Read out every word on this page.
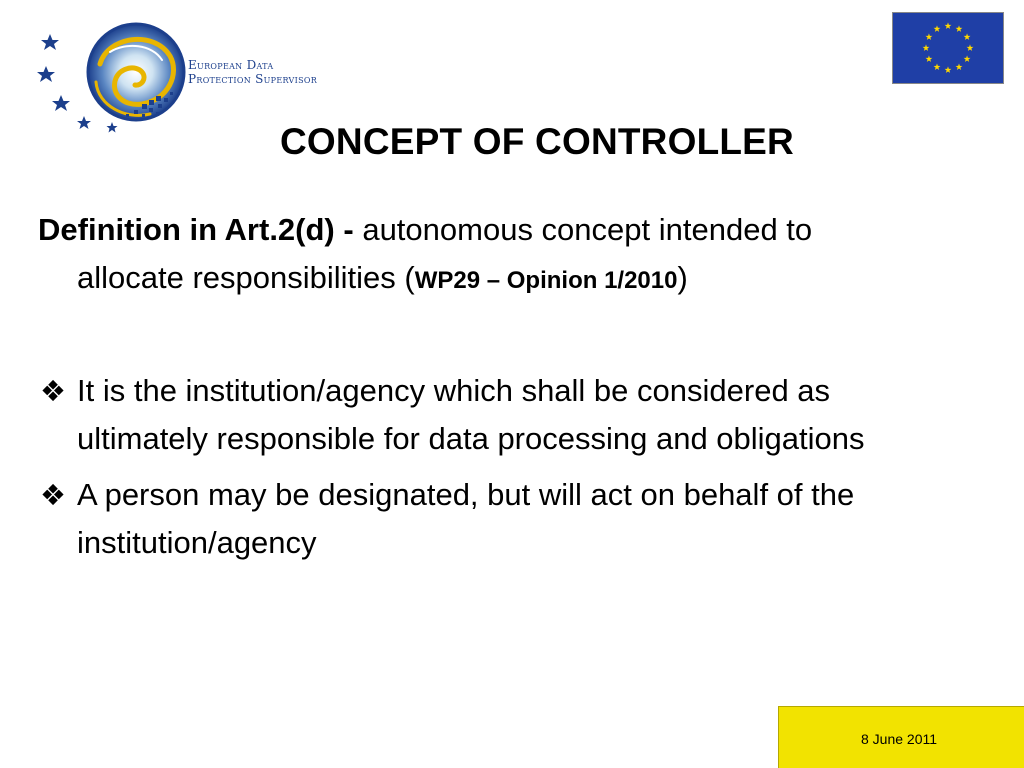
European Data
Protection Supervisor
CONCEPT OF CONTROLLER

Definition in Art.2(d) - autonomous concept intended to allocate responsibilities (WP29 – Opinion 1/2010)

❖ It is the institution/agency which shall be considered as ultimately responsible for data processing and obligations
❖ A person may be designated, but will act on behalf of the institution/agency
8 June 2011
